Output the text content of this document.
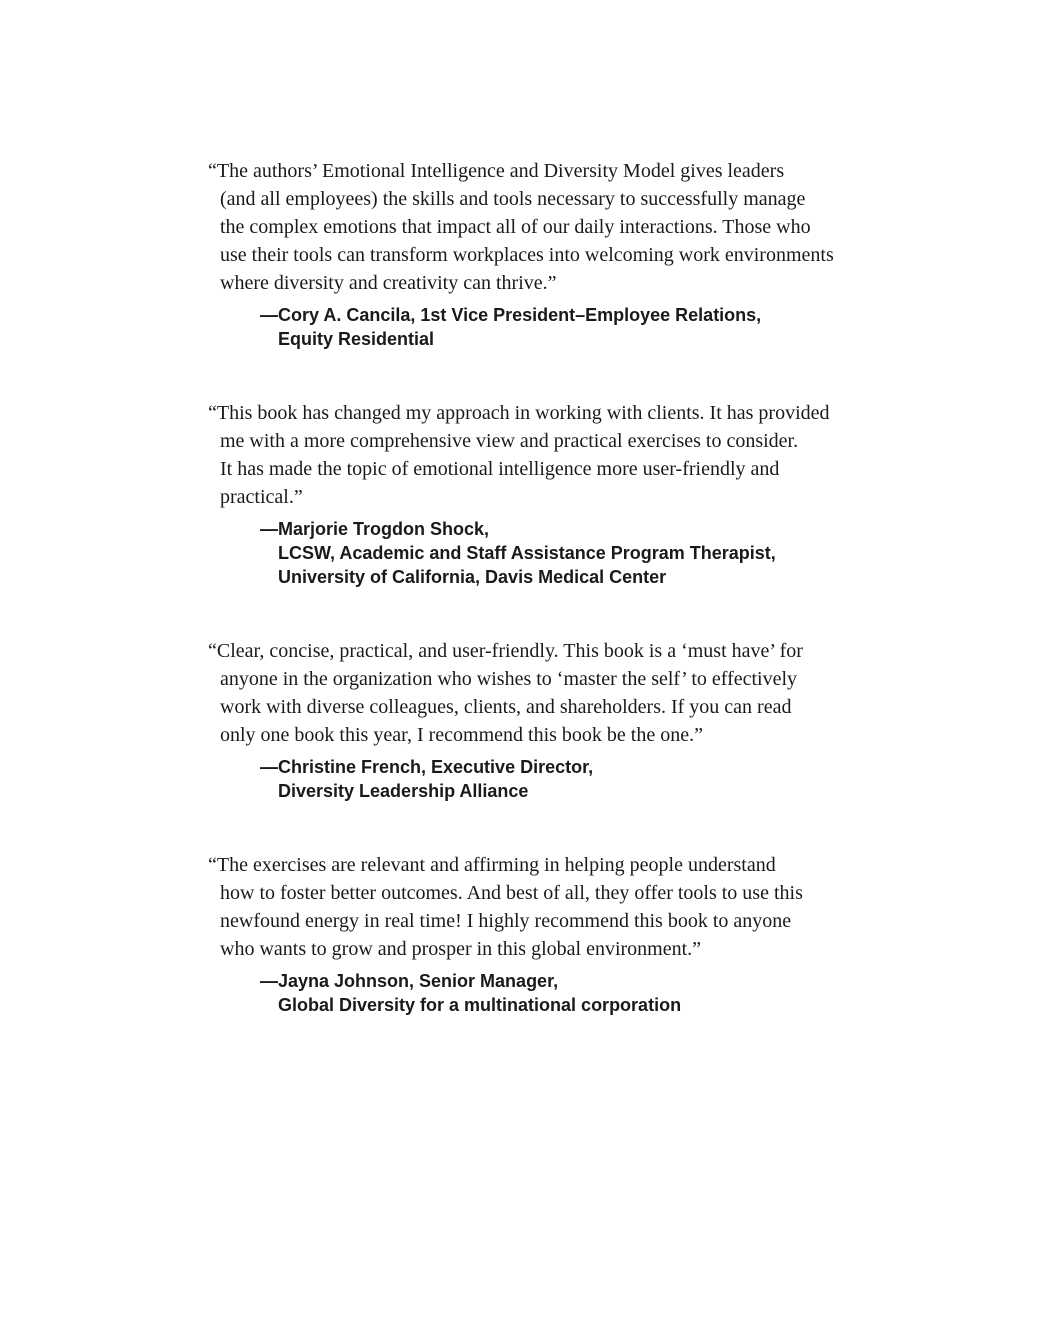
“The authors’ Emotional Intelligence and Diversity Model gives leaders
(and all employees) the skills and tools necessary to successfully manage
the complex emotions that impact all of our daily interactions. Those who
use their tools can transform workplaces into welcoming work environments
where diversity and creativity can thrive.”

—Cory A. Cancila, 1st Vice President–Employee Relations,
Equity Residential

“This book has changed my approach in working with clients. It has provided
me with a more comprehensive view and practical exercises to consider.
It has made the topic of emotional intelligence more user-friendly and
practical.”

—Marjorie Trogdon Shock,
LCSW, Academic and Staff Assistance Program Therapist,
University of California, Davis Medical Center

“Clear, concise, practical, and user-friendly. This book is a ‘must have’ for
anyone in the organization who wishes to ‘master the self’ to effectively
work with diverse colleagues, clients, and shareholders. If you can read
only one book this year, I recommend this book be the one.”

—Christine French, Executive Director,
Diversity Leadership Alliance

“The exercises are relevant and affirming in helping people understand
how to foster better outcomes. And best of all, they offer tools to use this
newfound energy in real time! I highly recommend this book to anyone
who wants to grow and prosper in this global environment.”

—Jayna Johnson, Senior Manager,
Global Diversity for a multinational corporation
